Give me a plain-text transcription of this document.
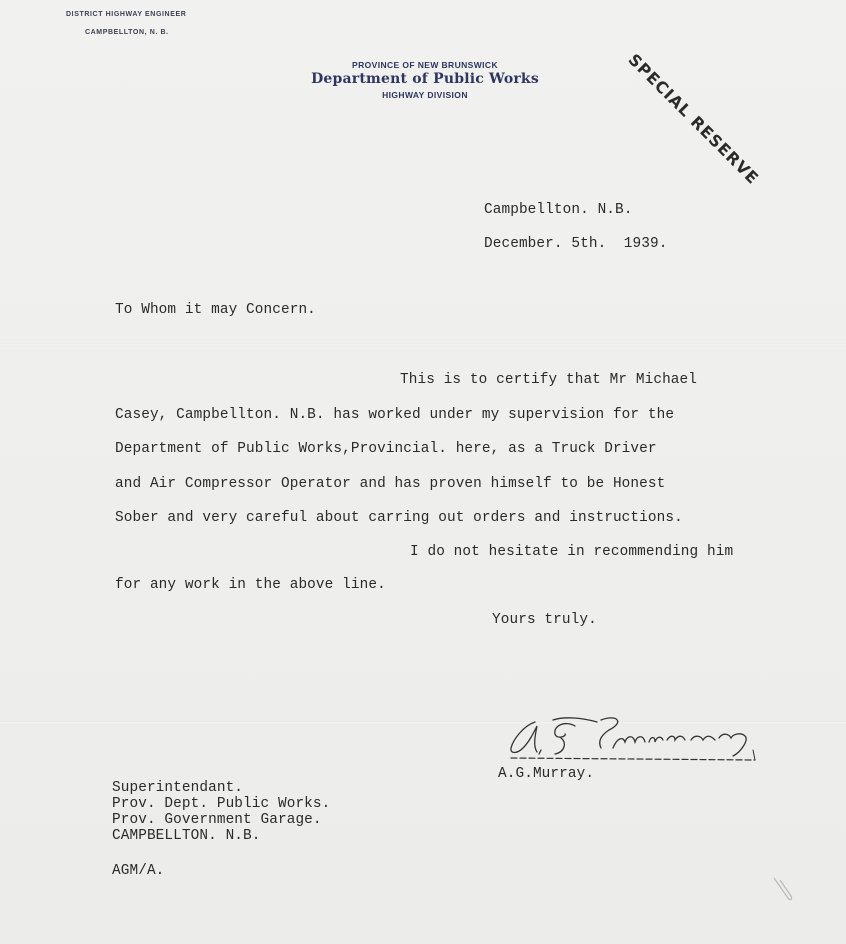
DISTRICT HIGHWAY ENGINEER
CAMPBELLTON, N. B.
PROVINCE OF NEW BRUNSWICK
Department of Public Works
HIGHWAY DIVISION	SPECIAL RESERVE
Campbellton. N.B.
December. 5th.  1939.
To Whom it may Concern.
This is to certify that Mr Michael
Casey, Campbellton. N.B. has worked under my supervision for the
Department of Public Works,Provincial. here, as a Truck Driver
and Air Compressor Operator and has proven himself to be Honest
Sober and very careful about carring out orders and instructions.
I do not hesitate in recommending him
for any work in the above line.
Yours truly.
A.G.Murray.
Superintendant.
Prov. Dept. Public Works.
Prov. Government Garage.
CAMPBELLTON. N.B.
AGM/A.
